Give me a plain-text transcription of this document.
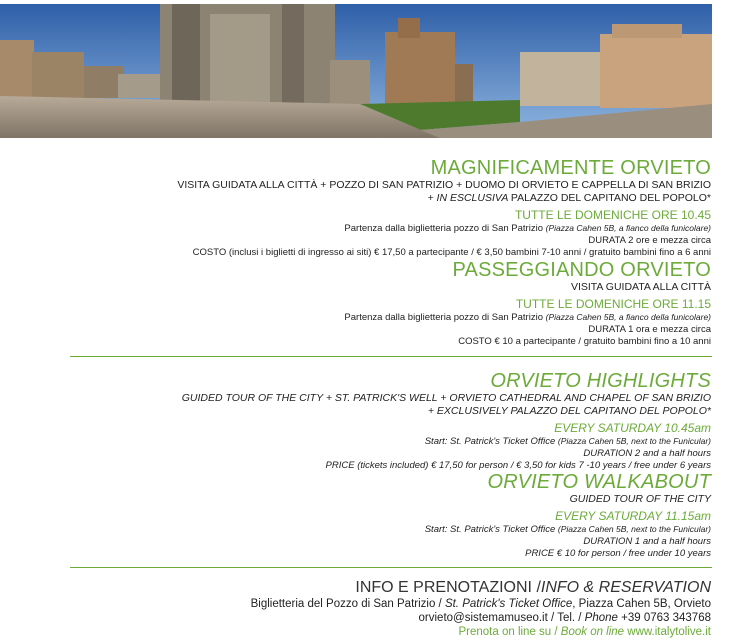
MAGNIFICAMENTE ORVIETO
VISITA GUIDATA ALLA CITTÀ + POZZO DI SAN PATRIZIO + DUOMO DI ORVIETO E CAPPELLA DI SAN BRIZIO
+ IN ESCLUSIVA PALAZZO DEL CAPITANO DEL POPOLO*
TUTTE LE DOMENICHE ORE 10.45
Partenza dalla biglietteria pozzo di San Patrizio (Piazza Cahen 5B, a fianco della funicolare)
DURATA 2 ore e mezza circa
COSTO (inclusi i biglietti di ingresso ai siti) € 17,50 a partecipante / € 3,50 bambini 7-10 anni / gratuito bambini fino a 6 anni
PASSEGGIANDO ORVIETO
VISITA GUIDATA ALLA CITTÀ
TUTTE LE DOMENICHE ORE 11.15
Partenza dalla biglietteria pozzo di San Patrizio (Piazza Cahen 5B, a fianco della funicolare)
DURATA 1 ora e mezza circa
COSTO € 10 a partecipante / gratuito bambini fino a 10 anni
ORVIETO HIGHLIGHTS
GUIDED TOUR OF THE CITY + ST. PATRICK'S WELL + ORVIETO CATHEDRAL AND CHAPEL OF SAN BRIZIO
+ EXCLUSIVELY PALAZZO DEL CAPITANO DEL POPOLO*
EVERY SATURDAY 10.45am
Start: St. Patrick's Ticket Office (Piazza Cahen 5B, next to the Funicular)
DURATION 2 and a half hours
PRICE (tickets included) € 17,50 for person / € 3,50 for kids 7 -10 years / free under 6 years
ORVIETO WALKABOUT
GUIDED TOUR OF THE CITY
EVERY SATURDAY 11.15am
Start: St. Patrick's Ticket Office (Piazza Cahen 5B, next to the Funicular)
DURATION 1 and a half hours
PRICE € 10 for person / free under 10 years
INFO E PRENOTAZIONI /INFO & RESERVATION
Biglietteria del Pozzo di San Patrizio / St. Patrick's Ticket Office, Piazza Cahen 5B, Orvieto
orvieto@sistemamuseo.it / Tel. / Phone +39 0763 343768
Prenota on line su / Book on line www.italytolive.it
